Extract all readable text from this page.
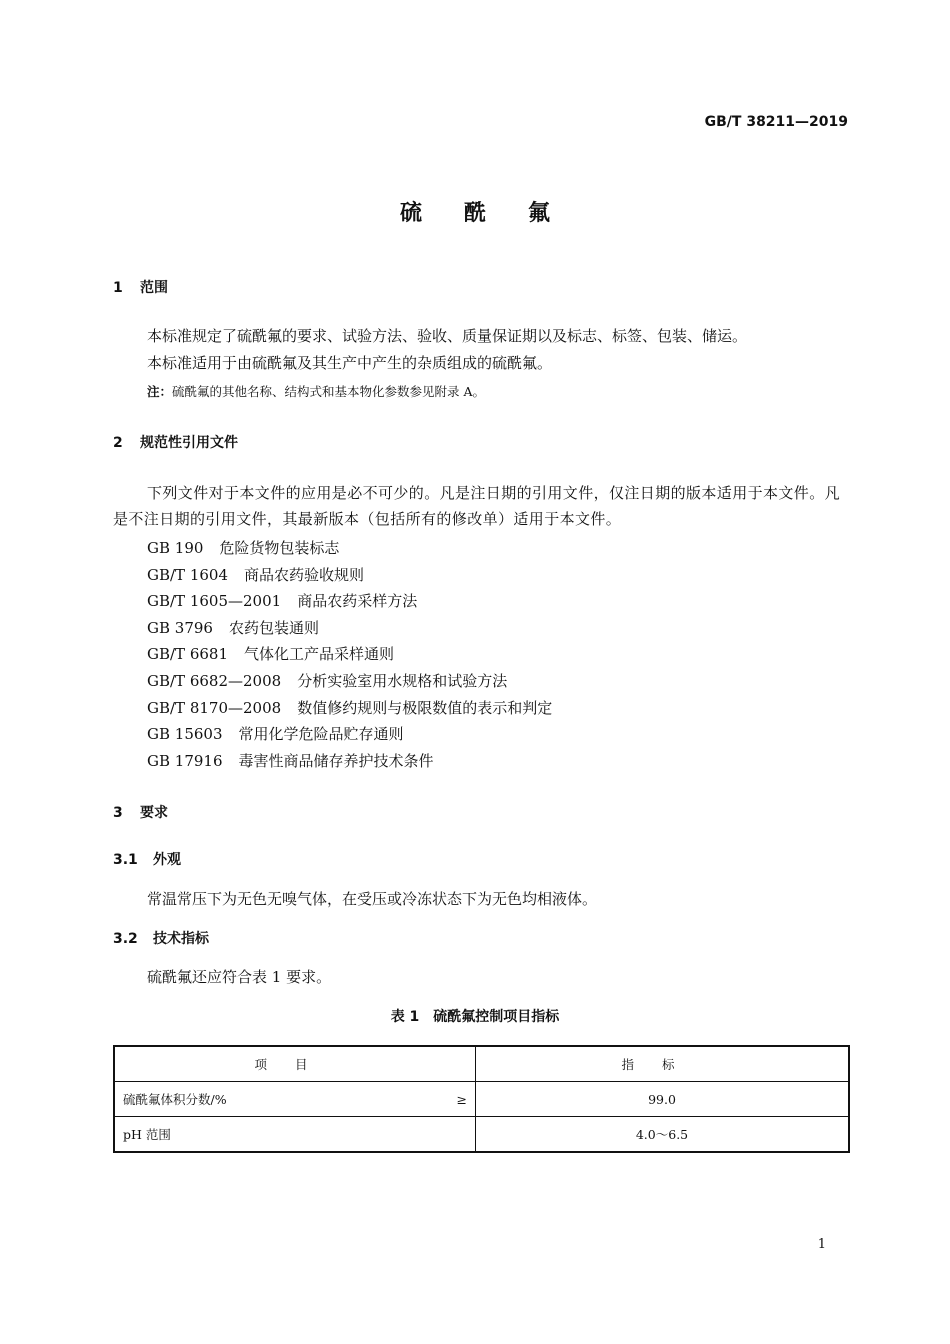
GB/T 38211—2019
硫酰氟
1 范围
本标准规定了硫酰氟的要求、试验方法、验收、质量保证期以及标志、标签、包装、储运。
本标准适用于由硫酰氟及其生产中产生的杂质组成的硫酰氟。
注：硫酰氟的其他名称、结构式和基本物化参数参见附录 A。
2 规范性引用文件
下列文件对于本文件的应用是必不可少的。凡是注日期的引用文件，仅注日期的版本适用于本文件。凡是不注日期的引用文件，其最新版本（包括所有的修改单）适用于本文件。
GB 190 危险货物包装标志
GB/T 1604 商品农药验收规则
GB/T 1605—2001 商品农药采样方法
GB 3796 农药包装通则
GB/T 6681 气体化工产品采样通则
GB/T 6682—2008 分析实验室用水规格和试验方法
GB/T 8170—2008 数值修约规则与极限数值的表示和判定
GB 15603 常用化学危险品贮存通则
GB 17916 毒害性商品储存养护技术条件
3 要求
3.1 外观
常温常压下为无色无嗅气体，在受压或冷冻状态下为无色均相液体。
3.2 技术指标
硫酰氟还应符合表 1 要求。
表 1　硫酰氟控制项目指标
项目	指标

硫酰氟体积分数/% ≥	99.0

pH 范围	4.0～6.5
1
